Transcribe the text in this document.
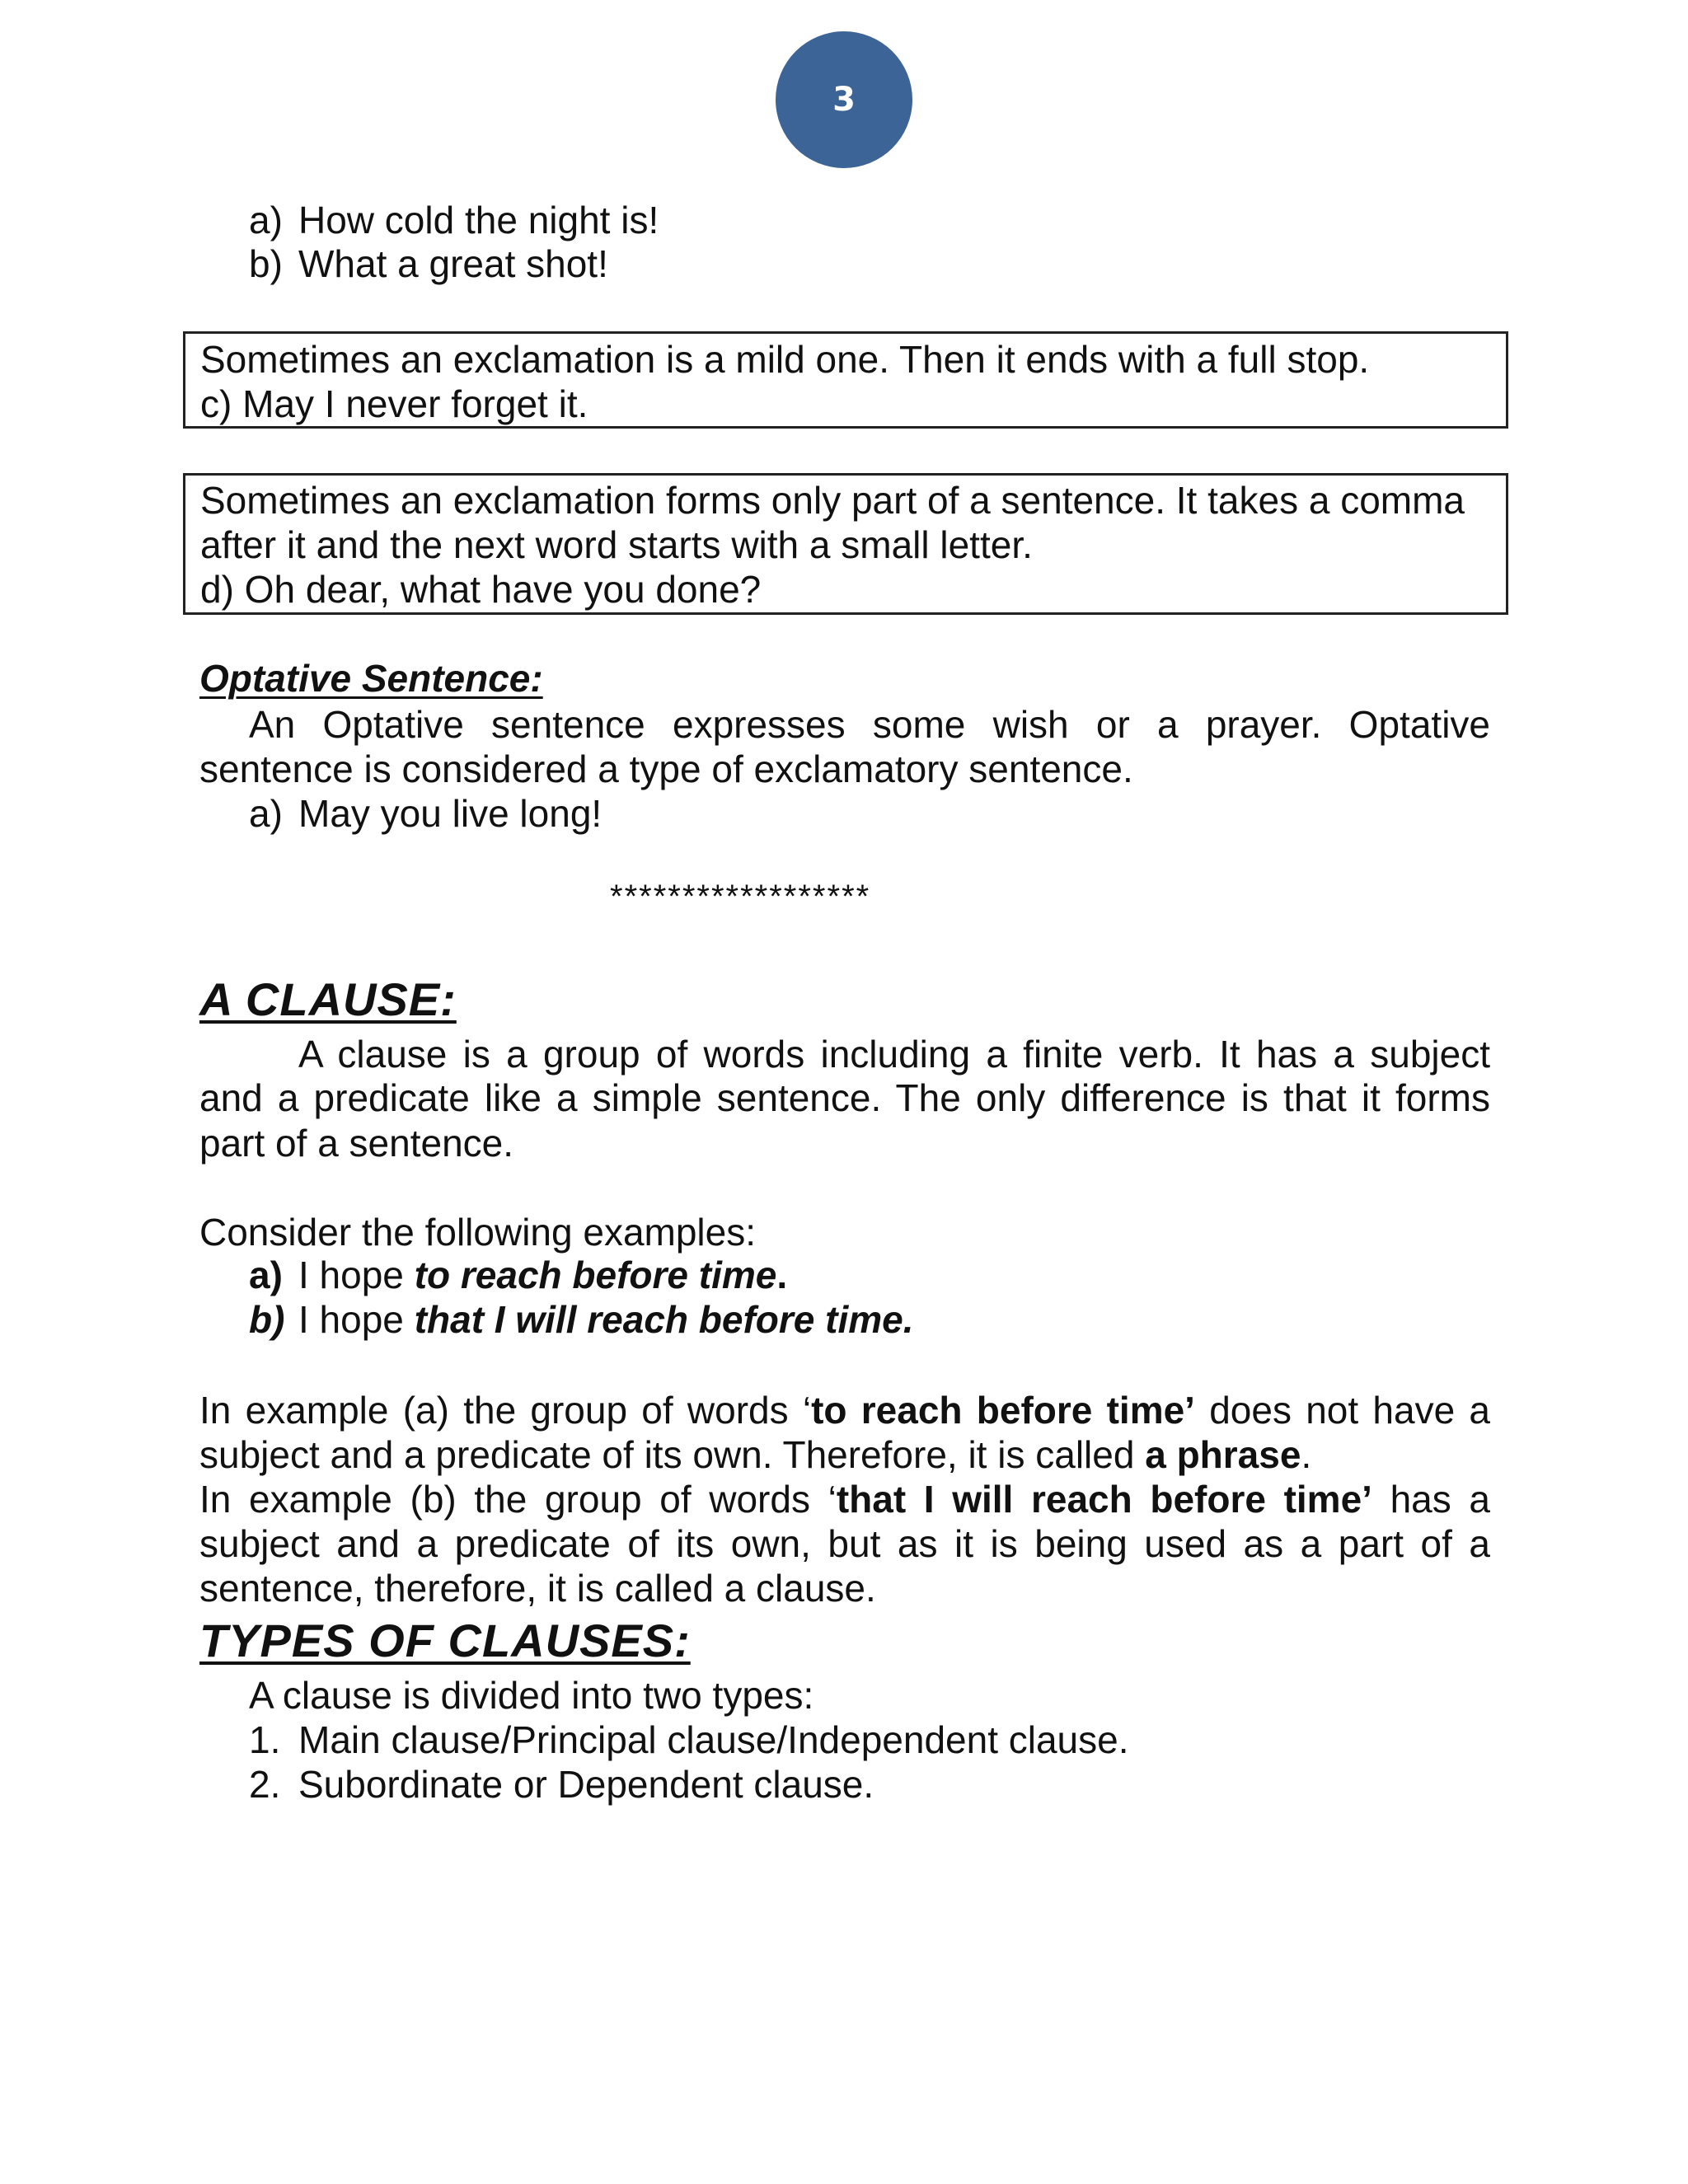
3
a) How cold the night is!
b) What a great shot!
Sometimes an exclamation is a mild one. Then it ends with a full stop.
c) May I never forget it.
Sometimes an exclamation forms only part of a sentence. It takes a comma
after it and the next word starts with a small letter.
d) Oh dear, what have you done?
Optative Sentence:
An Optative sentence expresses some wish or a prayer. Optative
sentence is considered a type of exclamatory sentence.
a) May you live long!
******************
A CLAUSE:
A clause is a group of words including a finite verb. It has a subject
and a predicate like a simple sentence. The only difference is that it forms
part of a sentence.
Consider the following examples:
a) I hope to reach before time.
b) I hope that I will reach before time.
In example (a) the group of words ‘to reach before time’ does not have a
subject and a predicate of its own. Therefore, it is called a phrase.
In example (b) the group of words ‘that I will reach before time’ has a
subject and a predicate of its own, but as it is being used as a part of a
sentence, therefore, it is called a clause.
TYPES OF CLAUSES:
A clause is divided into two types:
1. Main clause/Principal clause/Independent clause.
2. Subordinate or Dependent clause.
